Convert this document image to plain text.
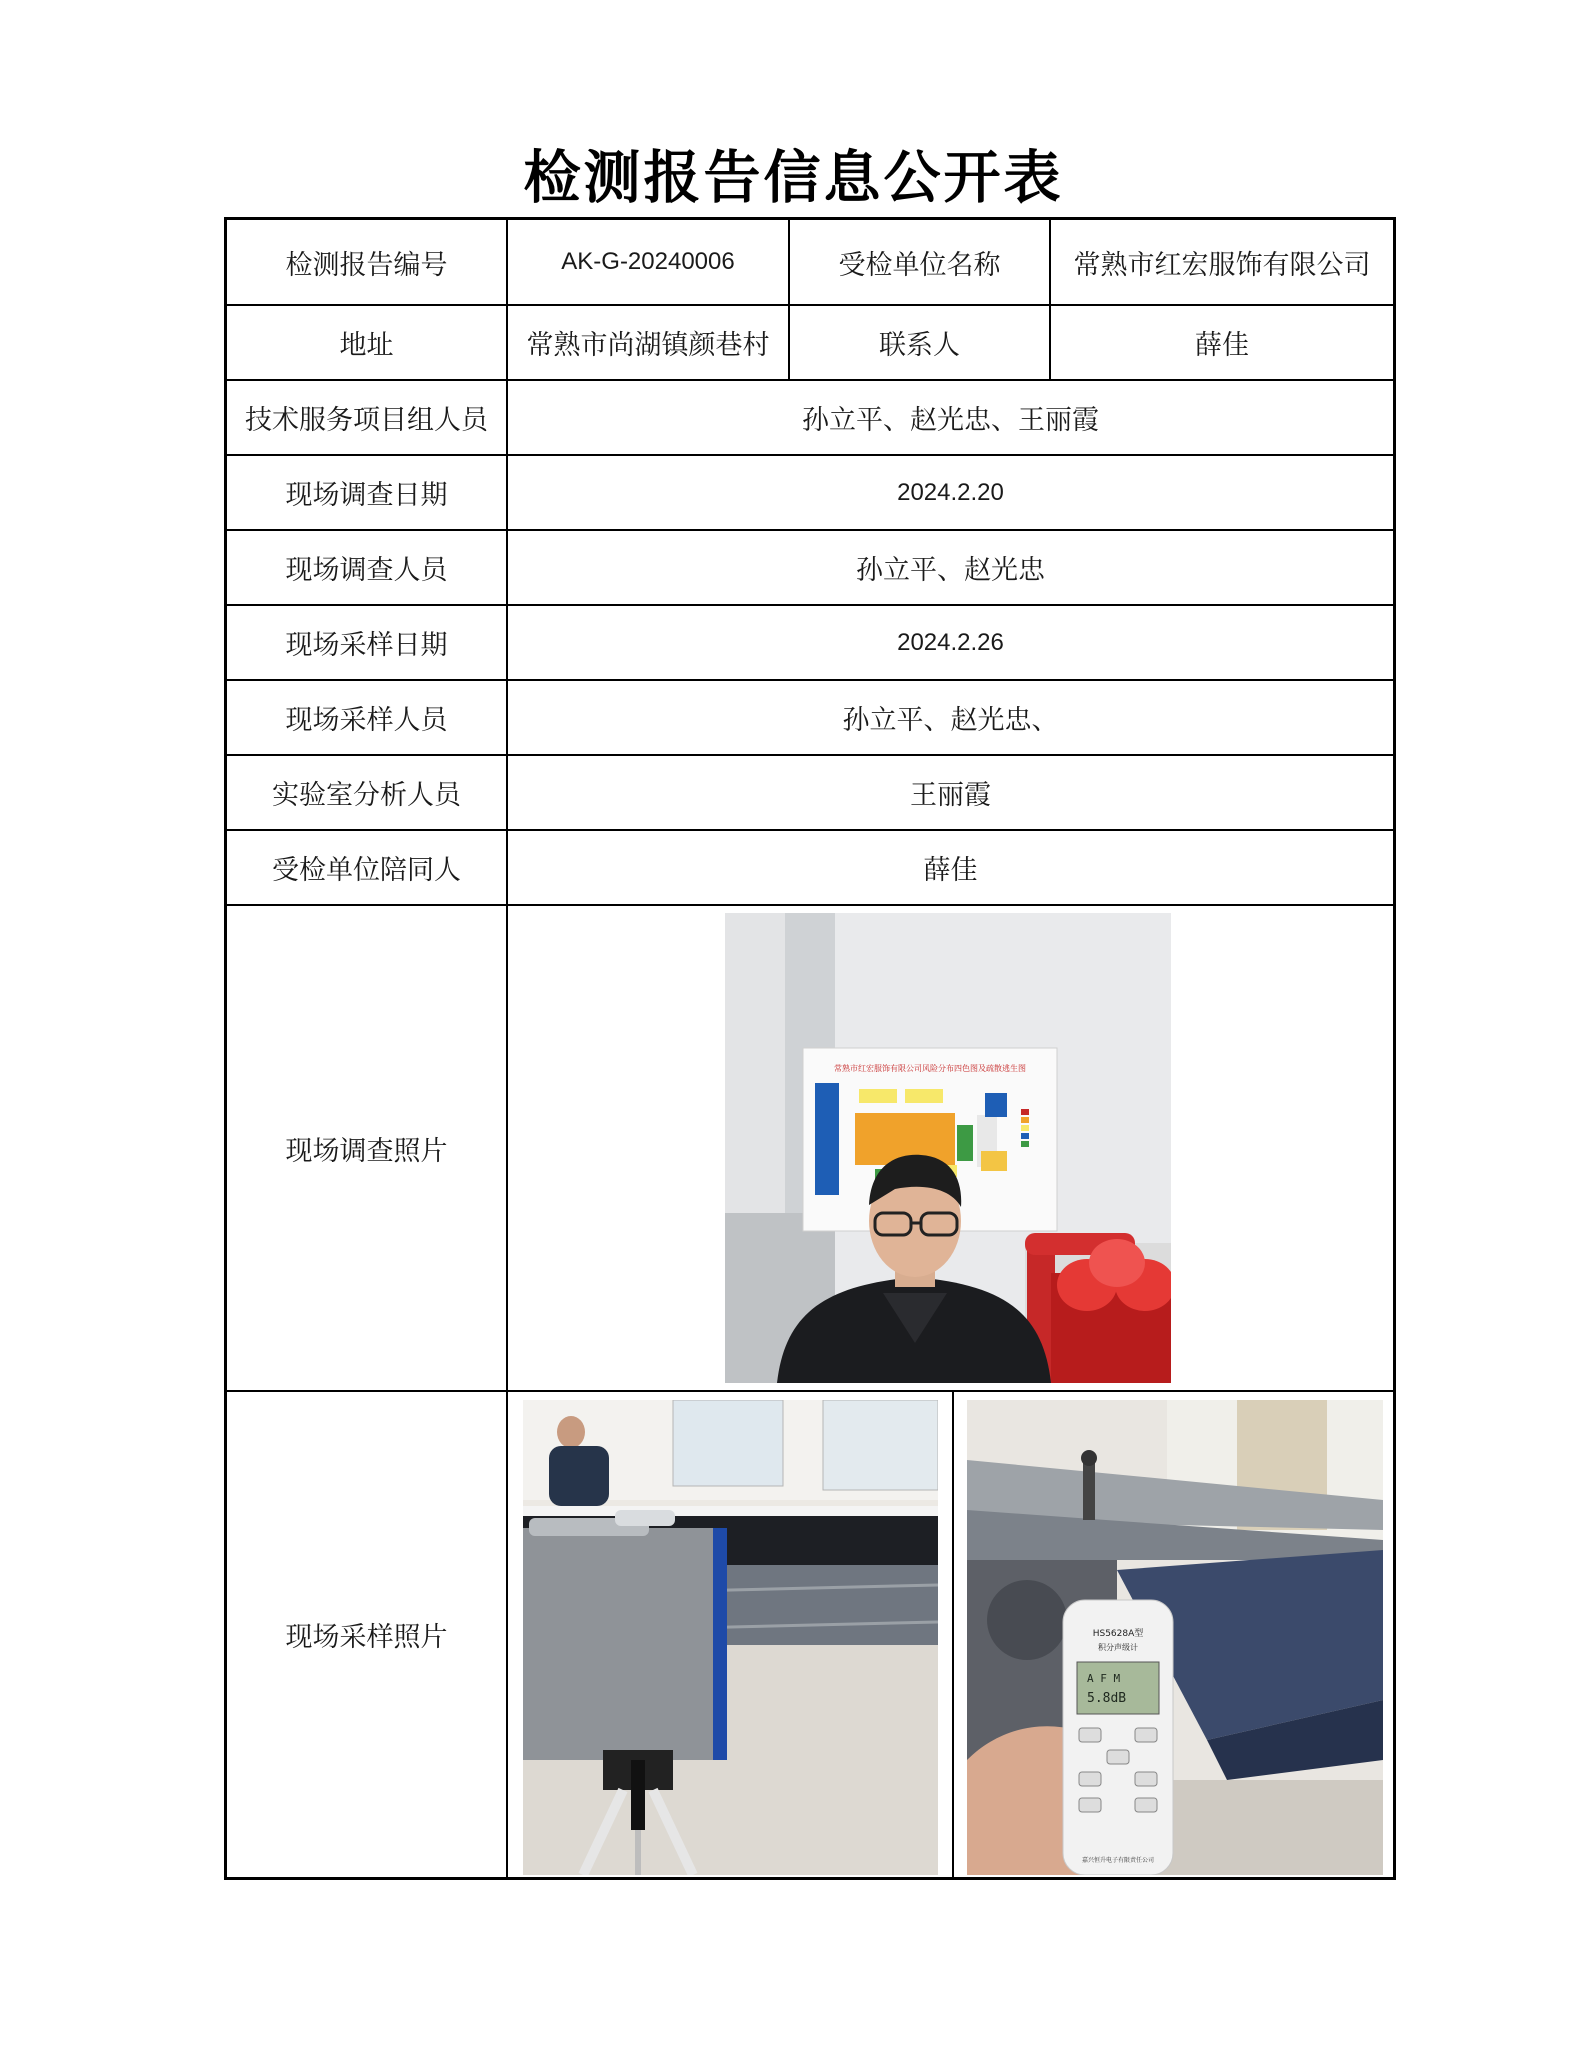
检测报告信息公开表
检测报告编号	AK-G-20240006	受检单位名称	常熟市红宏服饰有限公司
地址	常熟市尚湖镇颜巷村	联系人	薛佳
技术服务项目组人员	孙立平、赵光忠、王丽霞
现场调查日期	2024.2.20
现场调查人员	孙立平、赵光忠
现场采样日期	2024.2.26
现场采样人员	孙立平、赵光忠、
实验室分析人员	王丽霞
受检单位陪同人	薛佳
现场调查照片
现场采样照片
常熟市红宏服饰有限公司风险分布四色图及疏散逃生图
HS5628A型
积分声级计
A F M
5.8dB
嘉兴恒升电子有限责任公司
